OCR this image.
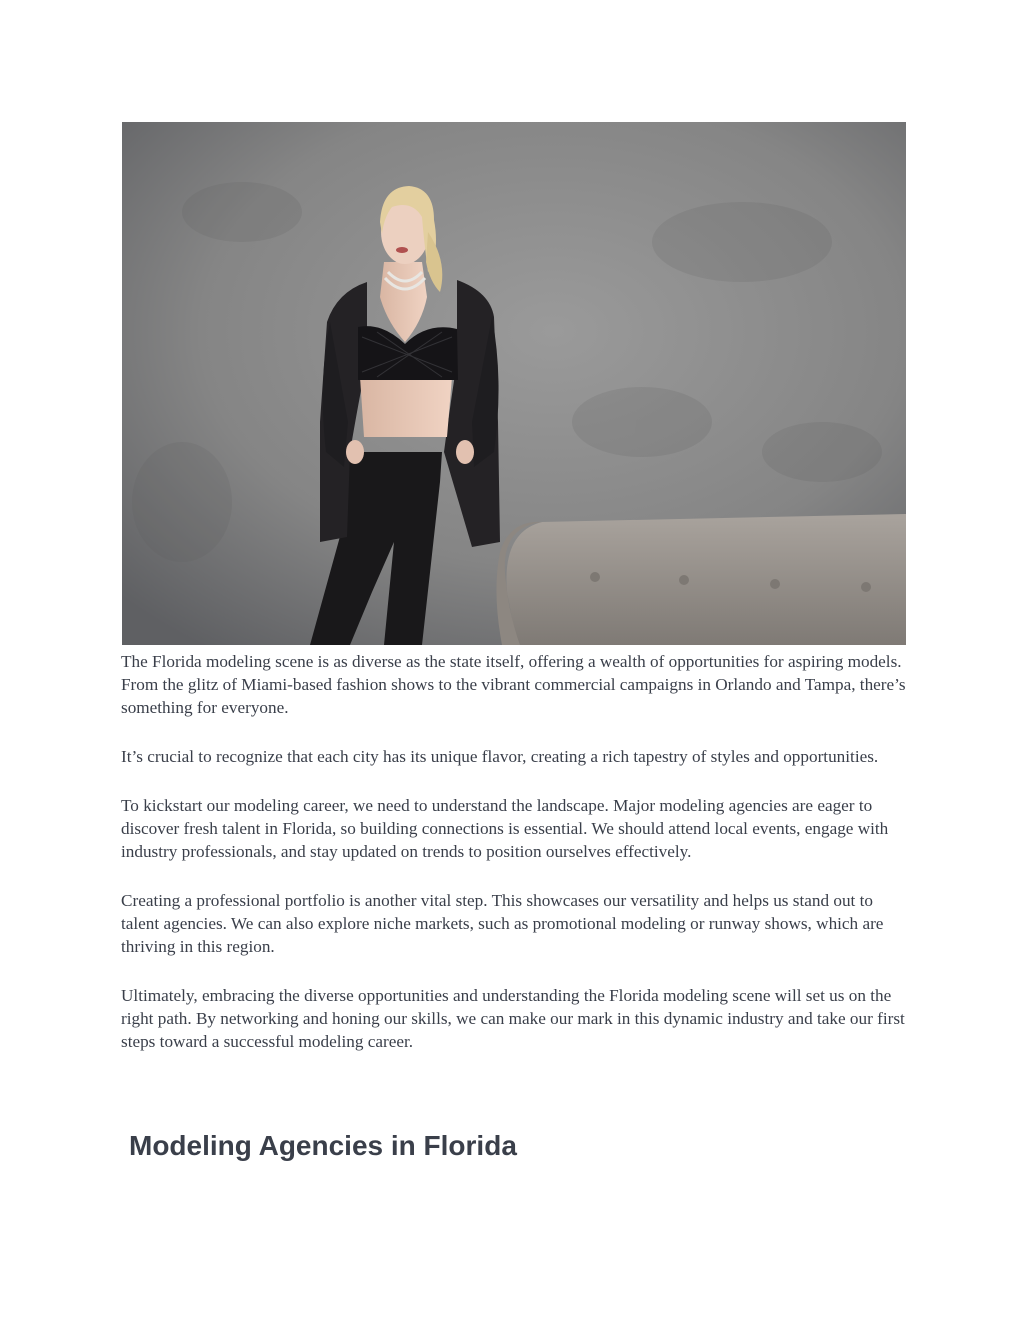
The Florida modeling scene is as diverse as the state itself, offering a wealth of opportunities for aspiring models. From the glitz of Miami-based fashion shows to the vibrant commercial campaigns in Orlando and Tampa, there’s something for everyone.

It’s crucial to recognize that each city has its unique flavor, creating a rich tapestry of styles and opportunities.

To kickstart our modeling career, we need to understand the landscape. Major modeling agencies are eager to discover fresh talent in Florida, so building connections is essential. We should attend local events, engage with industry professionals, and stay updated on trends to position ourselves effectively.

Creating a professional portfolio is another vital step. This showcases our versatility and helps us stand out to talent agencies. We can also explore niche markets, such as promotional modeling or runway shows, which are thriving in this region.

Ultimately, embracing the diverse opportunities and understanding the Florida modeling scene will set us on the right path. By networking and honing our skills, we can make our mark in this dynamic industry and take our first steps toward a successful modeling career.

Modeling Agencies in Florida
